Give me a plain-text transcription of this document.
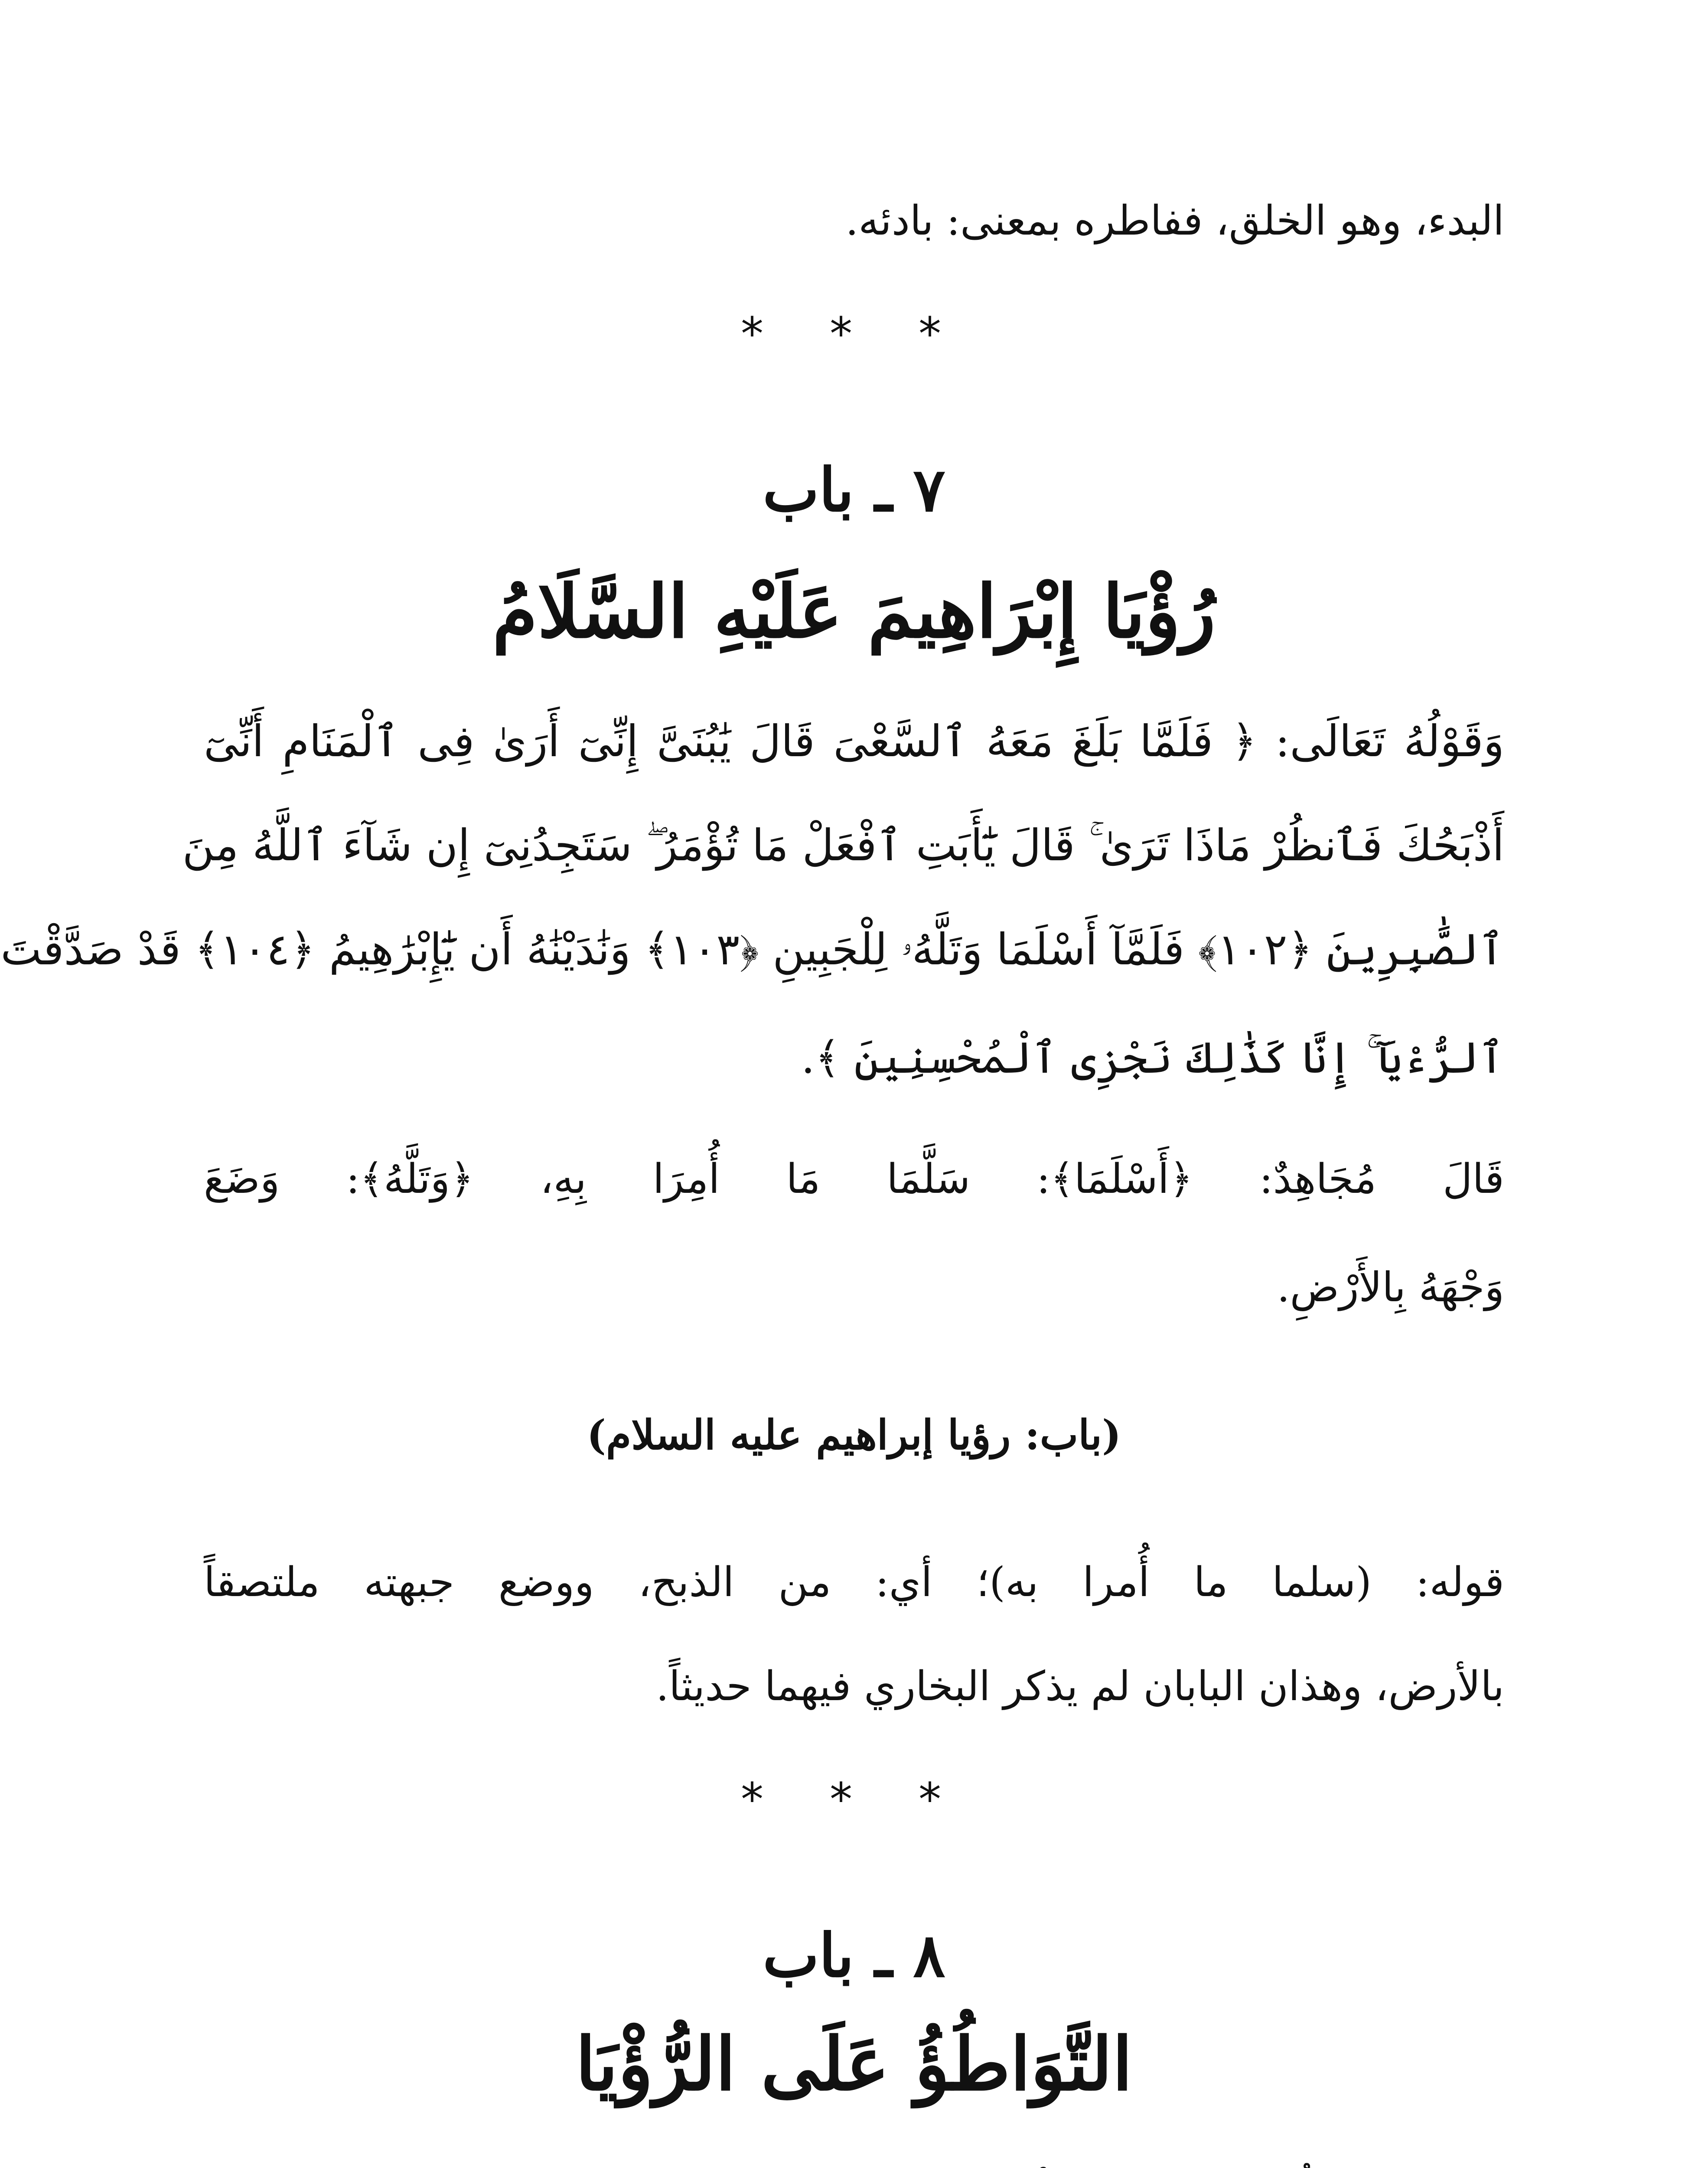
البدء، وهو الخلق، ففاطره بمعنى: بادئه.
* * *
٧ ـ باب
رُؤْيَا إِبْرَاهِيمَ عَلَيْهِ السَّلَامُ
وَقَوْلُهُ تَعَالَى: ﴿ فَلَمَّا بَلَغَ مَعَهُ ٱلسَّعْىَ قَالَ يَٰبُنَىَّ إِنِّىٓ أَرَىٰ فِى ٱلْمَنَامِ أَنِّىٓ
أَذْبَحُكَ فَٱنظُرْ مَاذَا تَرَىٰ ۚ قَالَ يَٰٓأَبَتِ ٱفْعَلْ مَا تُؤْمَرُ ۖ سَتَجِدُنِىٓ إِن شَآءَ ٱللَّهُ مِنَ
ٱلصَّٰبِرِينَ ﴿١٠٢﴾ فَلَمَّآ أَسْلَمَا وَتَلَّهُۥ لِلْجَبِينِ ﴿١٠٣﴾ وَنَٰدَيْنَٰهُ أَن يَٰٓإِبْرَٰهِيمُ ﴿١٠٤﴾ قَدْ صَدَّقْتَ
ٱلرُّءْيَآ ۚ إِنَّا كَذَٰلِكَ نَجْزِى ٱلْمُحْسِنِينَ ﴾.
قَالَ مُجَاهِدٌ: ﴿أَسْلَمَا﴾: سَلَّمَا مَا أُمِرَا بِهِ، ﴿وَتَلَّهُ﴾: وَضَعَ
وَجْهَهُ بِالأَرْضِ.
(باب: رؤيا إبراهيم عليه السلام)
قوله: (سلما ما أُمرا به)؛ أي: من الذبح، ووضع جبهته ملتصقاً
بالأرض، وهذان البابان لم يذكر البخاري فيهما حديثاً.
* * *
٨ ـ باب
التَّوَاطُؤُ عَلَى الرُّؤْيَا
